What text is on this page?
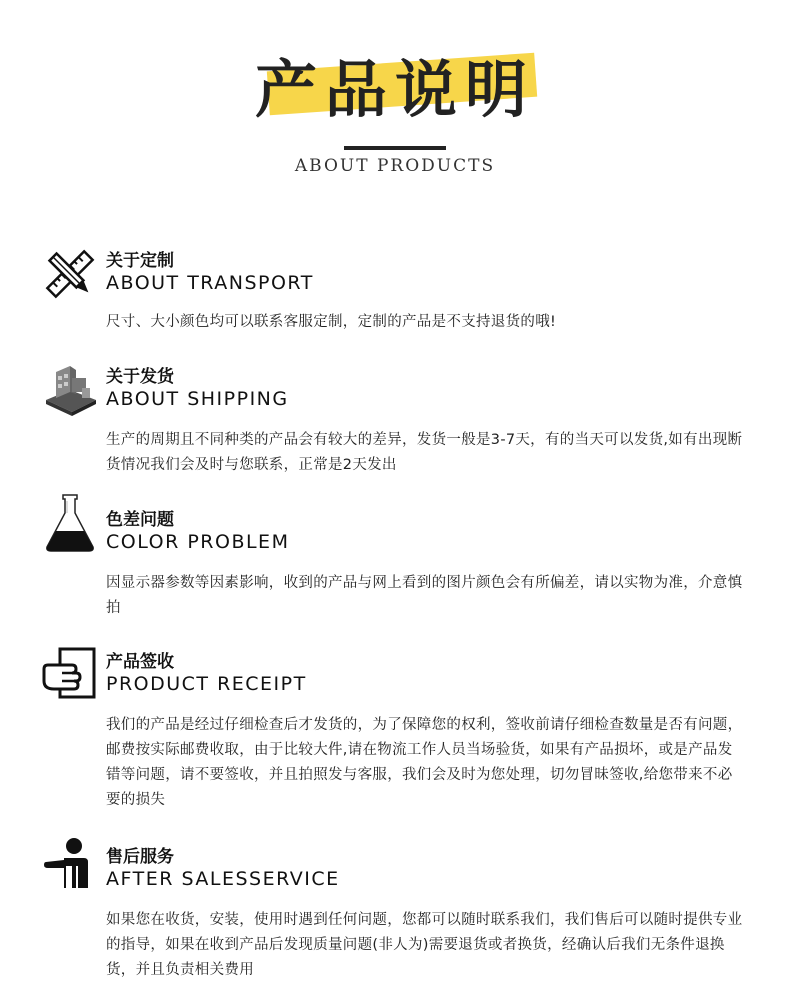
产品说明
ABOUT PRODUCTS
关于定制
ABOUT TRANSPORT
尺寸、大小颜色均可以联系客服定制，定制的产品是不支持退货的哦!
关于发货
ABOUT SHIPPING
生产的周期且不同种类的产品会有较大的差异，发货一般是3-7天，有的当天可以发货,如有出现断货情况我们会及时与您联系，正常是2天发出
色差问题
COLOR PROBLEM
因显示器参数等因素影响，收到的产品与网上看到的图片颜色会有所偏差，请以实物为准，介意慎拍
产品签收
PRODUCT RECEIPT
我们的产品是经过仔细检查后才发货的，为了保障您的权利，签收前请仔细检查数量是否有问题，邮费按实际邮费收取，由于比较大件,请在物流工作人员当场验货，如果有产品损坏，或是产品发错等问题，请不要签收，并且拍照发与客服，我们会及时为您处理，切勿冒昧签收,给您带来不必要的损失
售后服务
AFTER SALESSERVICE
如果您在收货，安装，使用时遇到任何问题，您都可以随时联系我们，我们售后可以随时提供专业的指导，如果在收到产品后发现质量问题(非人为)需要退货或者换货，经确认后我们无条件退换货，并且负责相关费用
